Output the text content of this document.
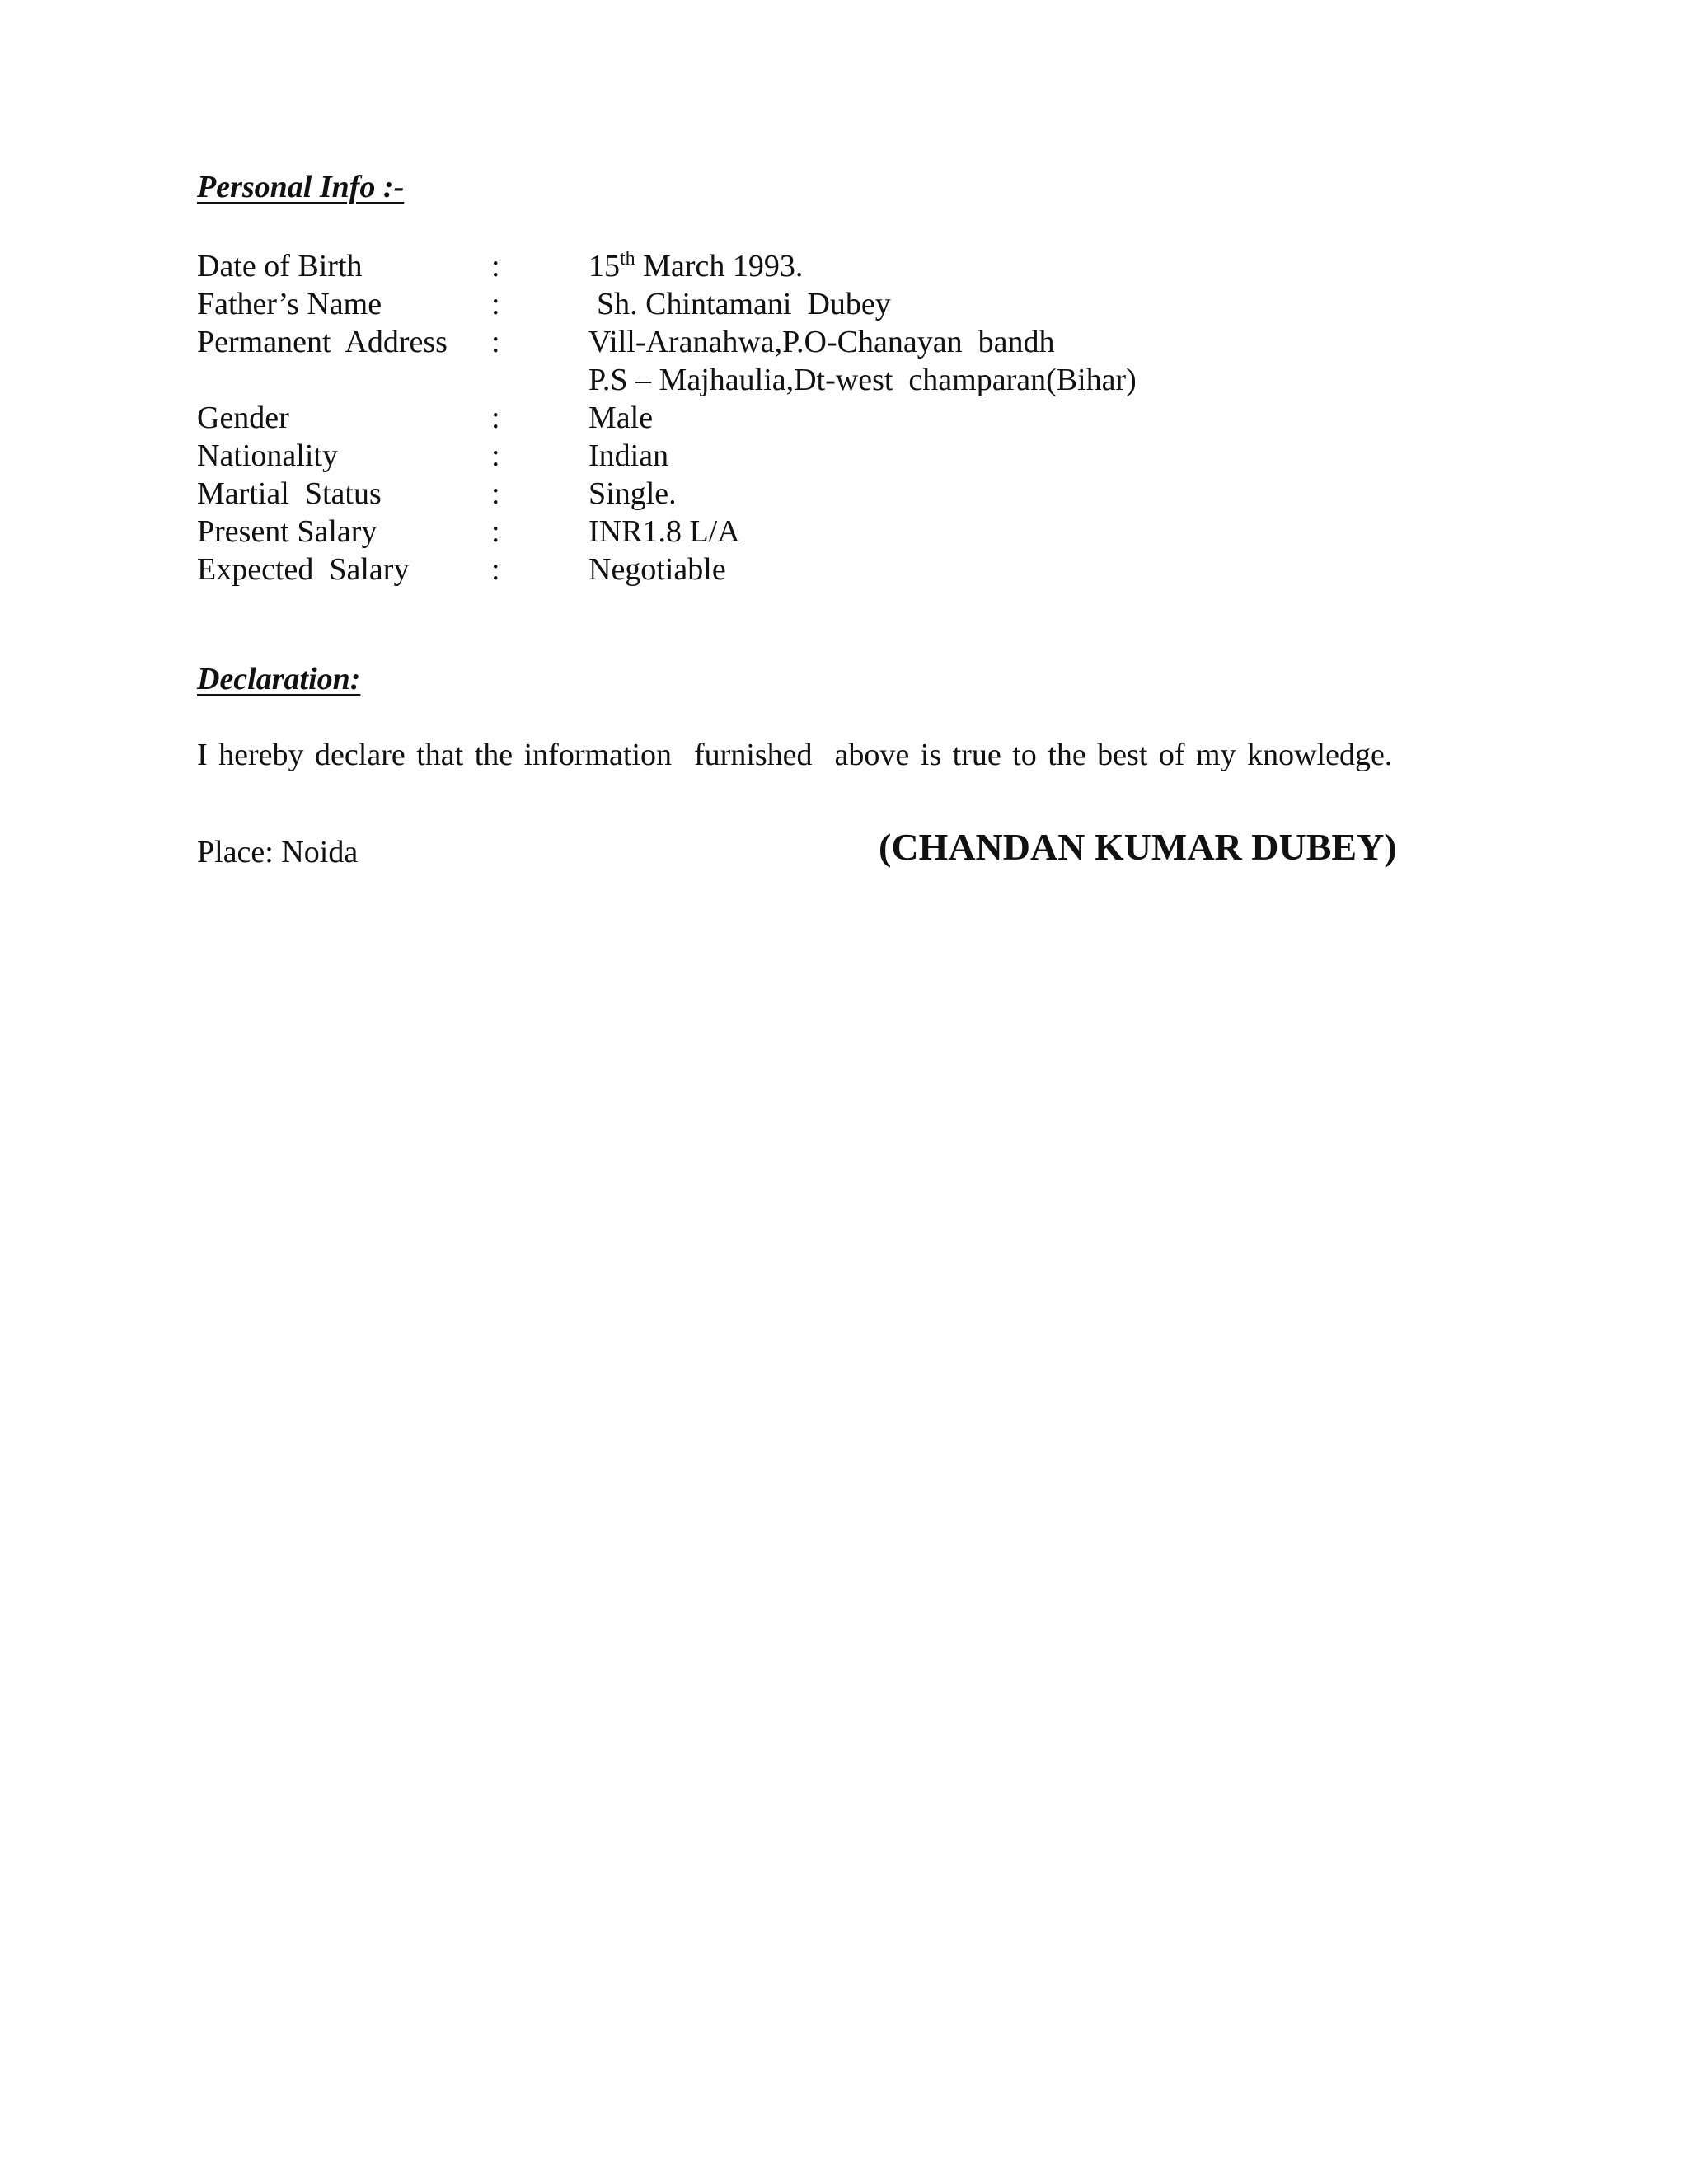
Personal Info :-
Date of Birth	:	15th March 1993.
Father’s Name	:	Sh. Chintamani  Dubey
Permanent  Address	:	Vill-Aranahwa,P.O-Chanayan  bandh
P.S – Majhaulia,Dt-west  champaran(Bihar)
Gender	:	Male
Nationality	:	Indian
Martial  Status	:	Single.
Present Salary	:	INR1.8 L/A
Expected  Salary	:	Negotiable
Declaration:

I hereby declare that the information  furnished  above is true to the best of my knowledge.

Place: Noida	(CHANDAN KUMAR DUBEY)
